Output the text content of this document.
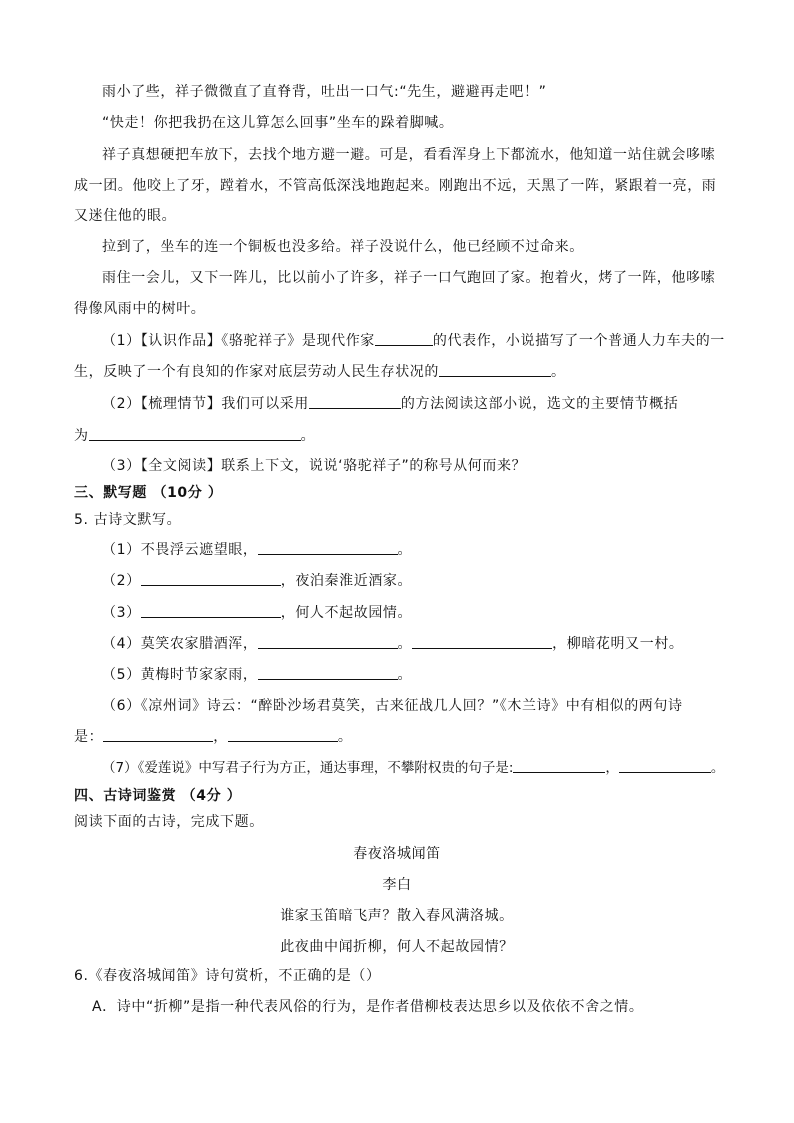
雨小了些，祥子微微直了直脊背，吐出一口气:“先生，避避再走吧！”
“快走！你把我扔在这儿算怎么回事”坐车的跺着脚喊。
祥子真想硬把车放下，去找个地方避一避。可是，看看浑身上下都流水，他知道一站住就会哆嗦
成一团。他咬上了牙，蹚着水，不管高低深浅地跑起来。刚跑出不远，天黑了一阵，紧跟着一亮，雨
又迷住他的眼。
拉到了，坐车的连一个铜板也没多给。祥子没说什么，他已经顾不过命来。
雨住一会儿，又下一阵儿，比以前小了许多，祥子一口气跑回了家。抱着火，烤了一阵，他哆嗦
得像风雨中的树叶。
（1）【认识作品】《骆驼祥子》是现代作家	的代表作，小说描写了一个普通人力车夫的一
生，反映了一个有良知的作家对底层劳动人民生存状况的	。
（2）【梳理情节】我们可以采用	的方法阅读这部小说，选文的主要情节概括
为	。
（3）【全文阅读】联系上下文，说说‘骆驼祥子”的称号从何而来？
三、默写题 （10分 ）
5. 古诗文默写。
（1）不畏浮云遮望眼，	。
（2）	，夜泊秦淮近酒家。
（3）	，何人不起故园情。
（4）莫笑农家腊酒浑，	。	，柳暗花明又一村。
（5）黄梅时节家家雨，	。
（6）《凉州词》诗云：“醉卧沙场君莫笑，古来征战几人回？”《木兰诗》中有相似的两句诗
是：	，	。
（7）《爱莲说》中写君子行为方正，通达事理，不攀附权贵的句子是:	，	。
四、古诗词鉴赏 （4分 ）
阅读下面的古诗，完成下题。
春夜洛城闻笛
李白
谁家玉笛暗飞声？散入春风满洛城。
此夜曲中闻折柳，何人不起故园情？
6.《春夜洛城闻笛》诗句赏析，不正确的是（）
A．诗中“折柳”是指一种代表风俗的行为，是作者借柳枝表达思乡以及依依不舍之情。
